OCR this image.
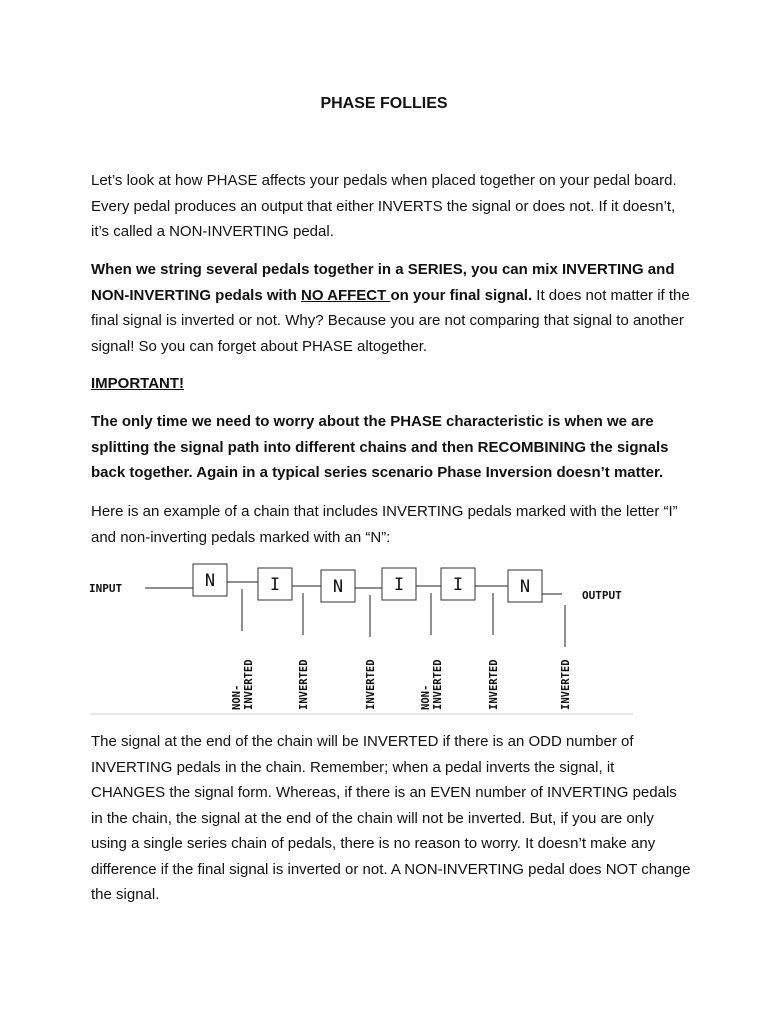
PHASE FOLLIES

Let’s look at how PHASE affects your pedals when placed together on your pedal board. Every pedal produces an output that either INVERTS the signal or does not. If it doesn’t, it’s called a NON-INVERTING pedal.

When we string several pedals together in a SERIES, you can mix INVERTING and NON-INVERTING pedals with NO AFFECT on your final signal. It does not matter if the final signal is inverted or not. Why? Because you are not comparing that signal to another signal! So you can forget about PHASE altogether.

IMPORTANT!

The only time we need to worry about the PHASE characteristic is when we are splitting the signal path into different chains and then RECOMBINING the signals back together. Again in a typical series scenario Phase Inversion doesn’t matter.

Here is an example of a chain that includes INVERTING pedals marked with the letter “I” and non-inverting pedals marked with an “N”:

INPUT	N	I	N	I	I	N	OUTPUT
NON- INVERTED	INVERTED	INVERTED	NON- INVERTED	INVERTED	INVERTED

The signal at the end of the chain will be INVERTED if there is an ODD number of INVERTING pedals in the chain. Remember; when a pedal inverts the signal, it CHANGES the signal form. Whereas, if there is an EVEN number of INVERTING pedals in the chain, the signal at the end of the chain will not be inverted. But, if you are only using a single series chain of pedals, there is no reason to worry. It doesn’t make any difference if the final signal is inverted or not. A NON-INVERTING pedal does NOT change the signal.
